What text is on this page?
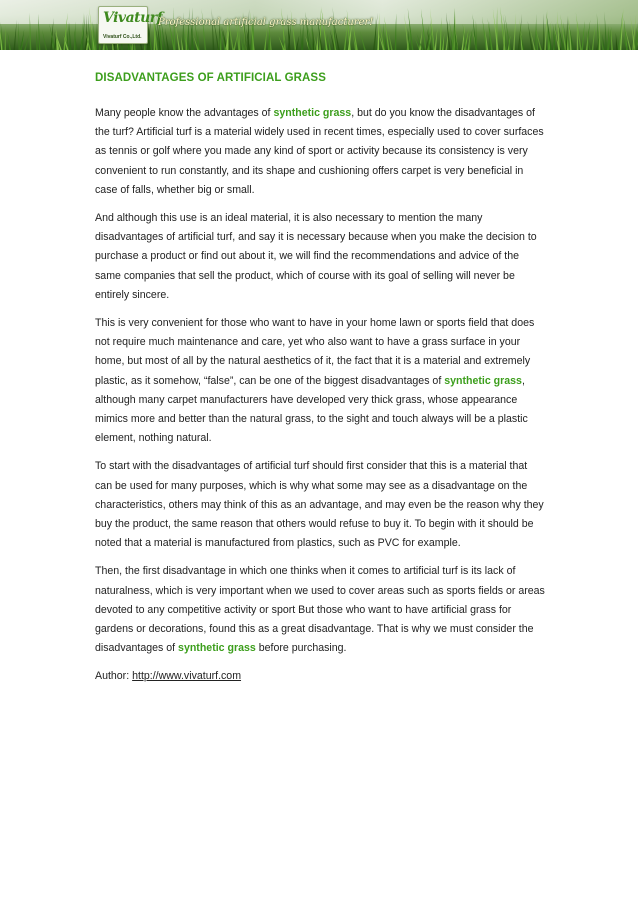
Vivaturf
Vivaturf Co.,Ltd.
Professional artificial grass manufacturer!
DISADVANTAGES OF ARTIFICIAL GRASS

Many people know the advantages of synthetic grass, but do you know the disadvantages of the turf? Artificial turf is a material widely used in recent times, especially used to cover surfaces as tennis or golf where you made any kind of sport or activity because its consistency is very convenient to run constantly, and its shape and cushioning offers carpet is very beneficial in case of falls, whether big or small.

And although this use is an ideal material, it is also necessary to mention the many disadvantages of artificial turf, and say it is necessary because when you make the decision to purchase a product or find out about it, we will find the recommendations and advice of the same companies that sell the product, which of course with its goal of selling will never be entirely sincere.

This is very convenient for those who want to have in your home lawn or sports field that does not require much maintenance and care, yet who also want to have a grass surface in your home, but most of all by the natural aesthetics of it, the fact that it is a material and extremely plastic, as it somehow, “false”, can be one of the biggest disadvantages of synthetic grass, although many carpet manufacturers have developed very thick grass, whose appearance mimics more and better than the natural grass, to the sight and touch always will be a plastic element, nothing natural.

To start with the disadvantages of artificial turf should first consider that this is a material that can be used for many purposes, which is why what some may see as a disadvantage on the characteristics, others may think of this as an advantage, and may even be the reason why they buy the product, the same reason that others would refuse to buy it. To begin with it should be noted that a material is manufactured from plastics, such as PVC for example.

Then, the first disadvantage in which one thinks when it comes to artificial turf is its lack of naturalness, which is very important when we used to cover areas such as sports fields or areas devoted to any competitive activity or sport But those who want to have artificial grass for gardens or decorations, found this as a great disadvantage. That is why we must consider the disadvantages of synthetic grass before purchasing.

Author: http://www.vivaturf.com
